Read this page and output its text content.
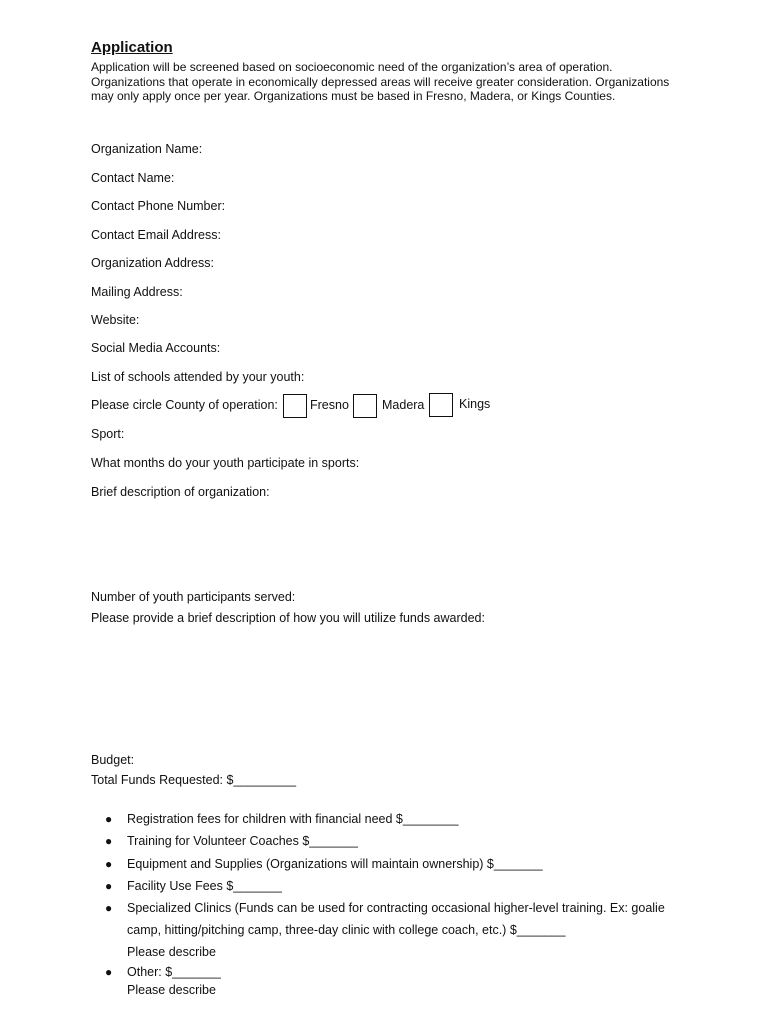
Application
Application will be screened based on socioeconomic need of the organization’s area of operation. Organizations that operate in economically depressed areas will receive greater consideration. Organizations may only apply once per year. Organizations must be based in Fresno, Madera, or Kings Counties.
Organization Name:
Contact Name:
Contact Phone Number:
Contact Email Address:
Organization Address:
Mailing Address:
Website:
Social Media Accounts:
List of schools attended by your youth:
Please circle County of operation:	Fresno	Madera	Kings
Sport:
What months do your youth participate in sports:
Brief description of organization:
Number of youth participants served:
Please provide a brief description of how you will utilize funds awarded:
Budget:
Total Funds Requested: $_________
● Registration fees for children with financial need $________
● Training for Volunteer Coaches $_______
● Equipment and Supplies (Organizations will maintain ownership) $_______
● Facility Use Fees $_______
● Specialized Clinics (Funds can be used for contracting occasional higher-level training. Ex: goalie camp, hitting/pitching camp, three-day clinic with college coach, etc.) $_______
Please describe
● Other: $_______
Please describe
